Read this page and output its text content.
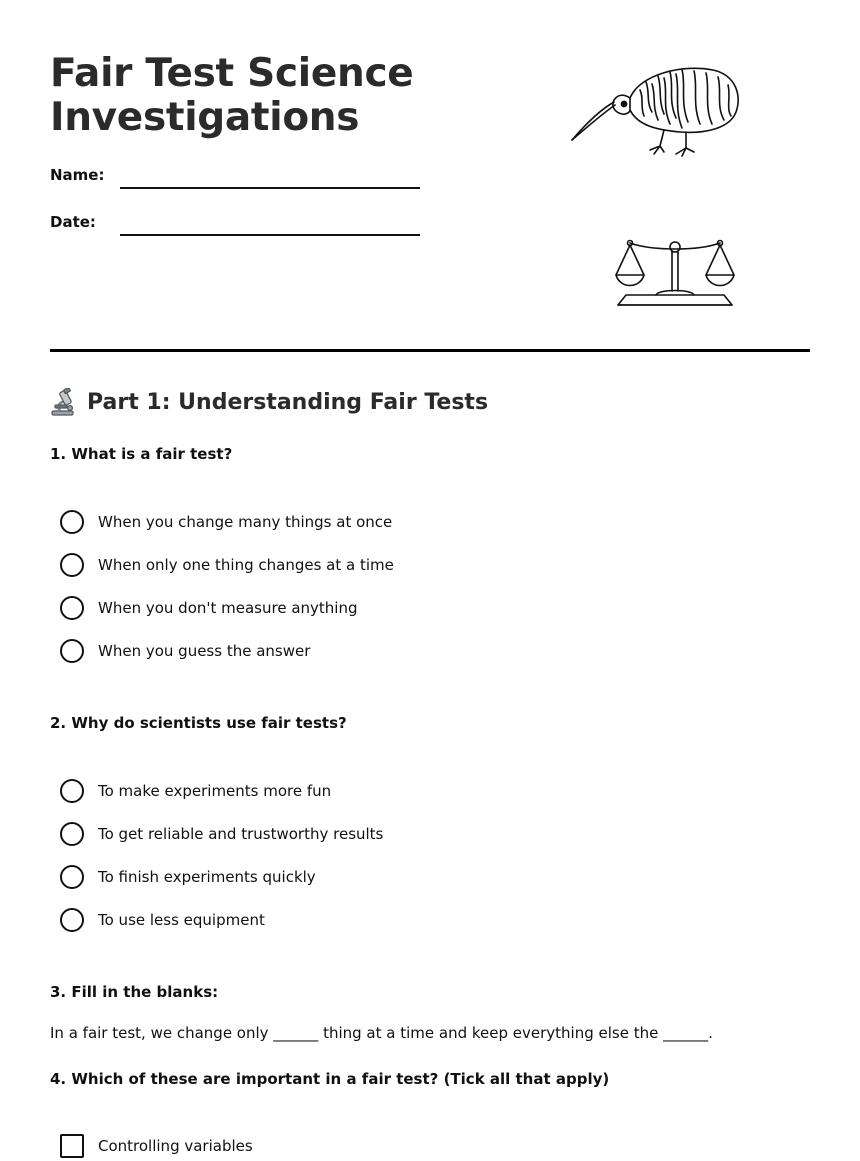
Fair Test Science
Investigations
Name:
Date:
Part 1: Understanding Fair Tests
1. What is a fair test?
When you change many things at once
When only one thing changes at a time
When you don't measure anything
When you guess the answer
2. Why do scientists use fair tests?
To make experiments more fun
To get reliable and trustworthy results
To finish experiments quickly
To use less equipment
3. Fill in the blanks:
In a fair test, we change only ______ thing at a time and keep everything else the ______.
4. Which of these are important in a fair test? (Tick all that apply)
Controlling variables
